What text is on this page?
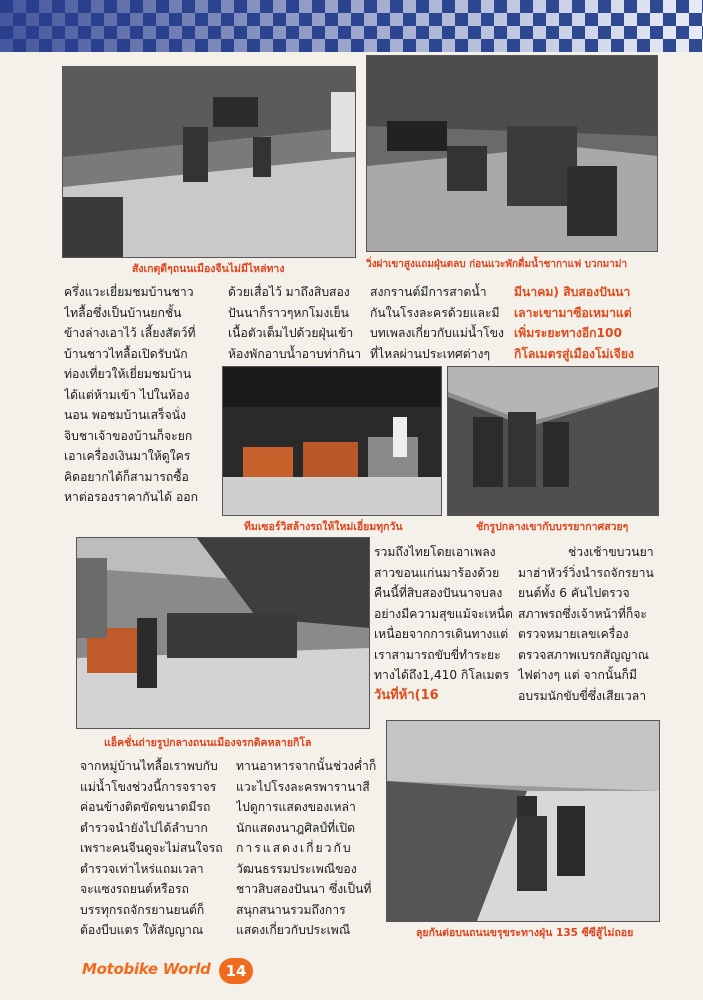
สังเกตุดีๆถนนเมืองจีนไม่มีไหล่ทาง	วิ่งผ่าเขาสูงแถมฝุ่นตลบ ก่อนแวะพักดื่มน้ำชากาแฟ บวกมาม่า
ครึ่งแวะเยี่ยมชมบ้านชาว
ไทลื้อซึ่งเป็นบ้านยกชั้น
ข้างล่างเอาไว้ เลี้ยงสัตว์ที่
บ้านชาวไทลื้อเปิดรับนัก
ท่องเที่ยวให้เยี่ยมชมบ้าน
ได้แต่ห้ามเข้า ไปในห้อง
นอน พอชมบ้านเสร็จนั่ง
จิบชาเจ้าของบ้านก็จะยก
เอาเครื่องเงินมาให้ดูใคร
คิดอยากได้ก็สามารถซื้อ
หาต่อรองราคากันได้ ออก
ด้วยเสื่อไว้ มาถึงสิบสอง
ปันนาก็ราวๆหกโมงเย็น
เนื้อตัวเต็มไปด้วยฝุ่นเข้า
ห้องพักอาบน้ำอาบท่ากินา
สงกรานต์มีการสาดน้ำ
กันในโรงละครด้วยและมี
บทเพลงเกี่ยวกับแม่น้ำโขง
ที่ไหลผ่านประเทศต่างๆ
มีนาคม) สิบสองปันนา
เลาะเขามาซือเหมาแต่
เพิ่มระยะทางอีก100
กิโลเมตรสู่เมืองโม่เจียง
ทีมเซอร์วิสล้างรถให้ใหม่เอี่ยมทุกวัน	ชักรูปกลางเขากับบรรยากาศสวยๆ
แอ็คชั่นถ่ายรูปกลางถนนเมืองจรกดิคหลายกิโล
รวมถึงไทยโดยเอาเพลง
สาวขอนแก่นมาร้องด้วย
คืนนี้ที่สิบสองปันนาจบลง
อย่างมีความสุขแม้จะเหนื่ด
เหนื่อยจากการเดินทางแต่
เราสามารถขับขี่ทำระยะ
ทางได้ถึง1,410 กิโลเมตร
วันที่ห้า(16
ช่วงเช้าขบวนยา
มาฮ่าหัวร์วิ่งนำรถจักรยาน
ยนต์ทั้ง 6 คันไปตรวจ
สภาพรถซึ่งเจ้าหน้าที่ก็จะ
ตรวจหมายเลขเครื่อง
ตรวจสภาพเบรกสัญญาณ
ไฟต่างๆ แต่ จากนั้นก็มี
อบรมนักขับขี่ซึ่งเสียเวลา
จากหมู่บ้านไทลื้อเราพบกับ
แม่น้ำโขงช่วงนี้การจราจร
ค่อนข้างติดขัดขนาดมีรถ
ตำรวจนำยังไปได้ลำบาก
เพราะคนจีนดูจะไม่สนใจรถ
ตำรวจเท่าไหร่แถมเวลา
จะแซงรถยนต์หรือรถ
บรรทุกรถจักรยานยนต์ก็
ต้องบีบแตร ให้สัญญาณ
ทานอาหารจากนั้นช่วงค่ำก็
แวะไปโรงละครพารานาสี
ไปดูการแสดงของเหล่า
นักแสดงนาฎศิลป์ที่เปิด
การแสดงเกี่ยวกับ
วัฒนธรรมประเพณีของ
ชาวสิบสองปันนา ซึ่งเป็นที่
สนุกสนานรวมถึงการ
แสดงเกี่ยวกับประเพณี	ลุยกันต่อบนถนนขรุขระทางฝุ่น 135 ซีซีสู้ไม่ถอย
Motobike World	14
